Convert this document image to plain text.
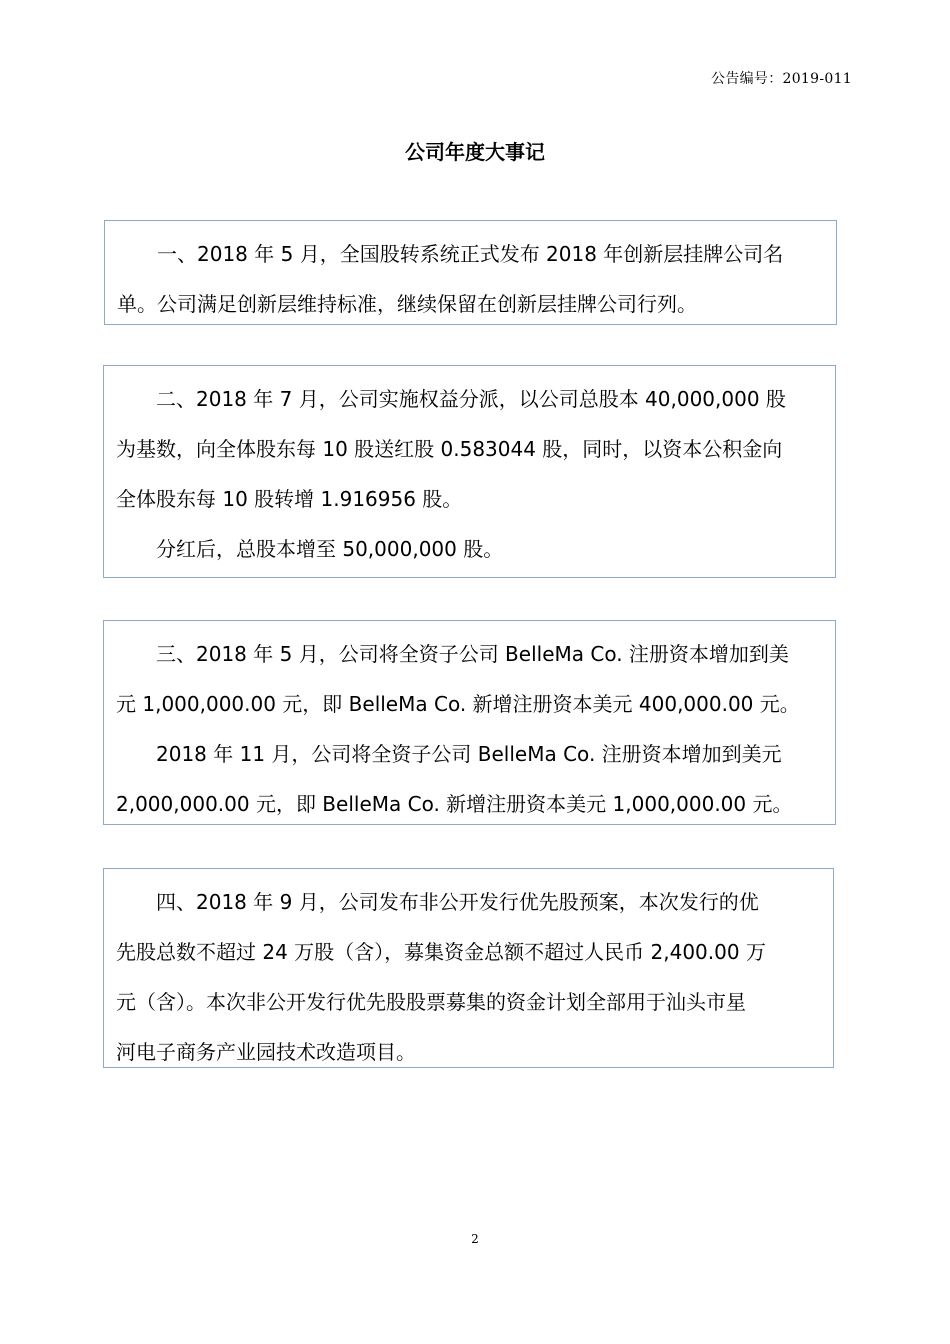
公告编号：2019-011
公司年度大事记

一、2018 年 5 月，全国股转系统正式发布 2018 年创新层挂牌公司名

单。公司满足创新层维持标准，继续保留在创新层挂牌公司行列。

二、2018 年 7 月，公司实施权益分派，以公司总股本 40,000,000 股

为基数，向全体股东每 10 股送红股 0.583044 股，同时，以资本公积金向

全体股东每 10 股转增 1.916956 股。

分红后，总股本增至 50,000,000 股。

三、2018 年 5 月，公司将全资子公司 BelleMa Co. 注册资本增加到美

元 1,000,000.00 元，即 BelleMa Co. 新增注册资本美元 400,000.00 元。

2018 年 11 月，公司将全资子公司 BelleMa Co. 注册资本增加到美元

2,000,000.00 元，即 BelleMa Co. 新增注册资本美元 1,000,000.00 元。

四、2018 年 9 月，公司发布非公开发行优先股预案，本次发行的优

先股总数不超过 24 万股（含），募集资金总额不超过人民币 2,400.00 万

元（含）。本次非公开发行优先股股票募集的资金计划全部用于汕头市星

河电子商务产业园技术改造项目。

2
